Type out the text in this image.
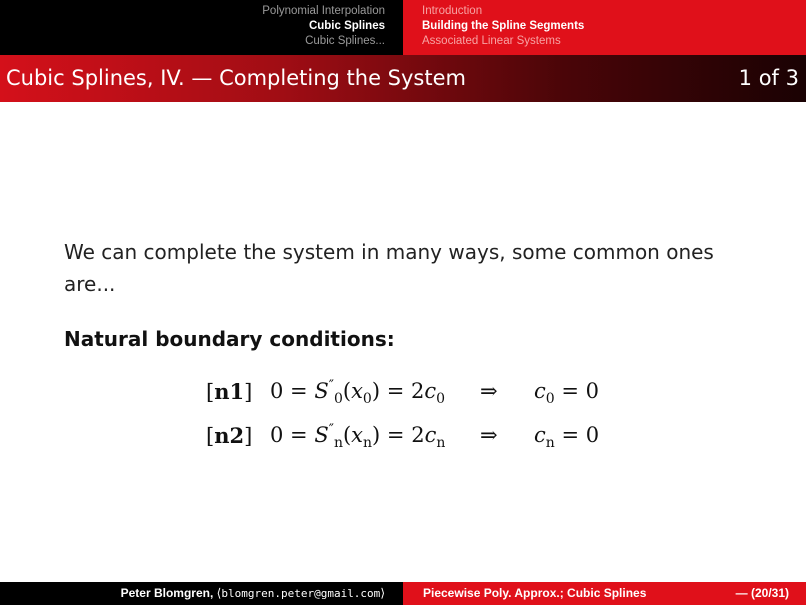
Polynomial Interpolation
Cubic Splines
Cubic Splines...
Introduction
Building the Spline Segments
Associated Linear Systems
Cubic Splines, IV. — Completing the System	1 of 3

We can complete the system in many ways, some common ones are...

Natural boundary conditions:
[n1] $0 = S''_0(x_0) = 2c_0$ ⇒ $c_0 = 0$
[n2] $0 = S''_n(x_n) = 2c_n$ ⇒ $c_n = 0$
Peter Blomgren, ⟨blomgren.peter@gmail.com⟩	Piecewise Poly. Approx.; Cubic Splines	— (20/31)
